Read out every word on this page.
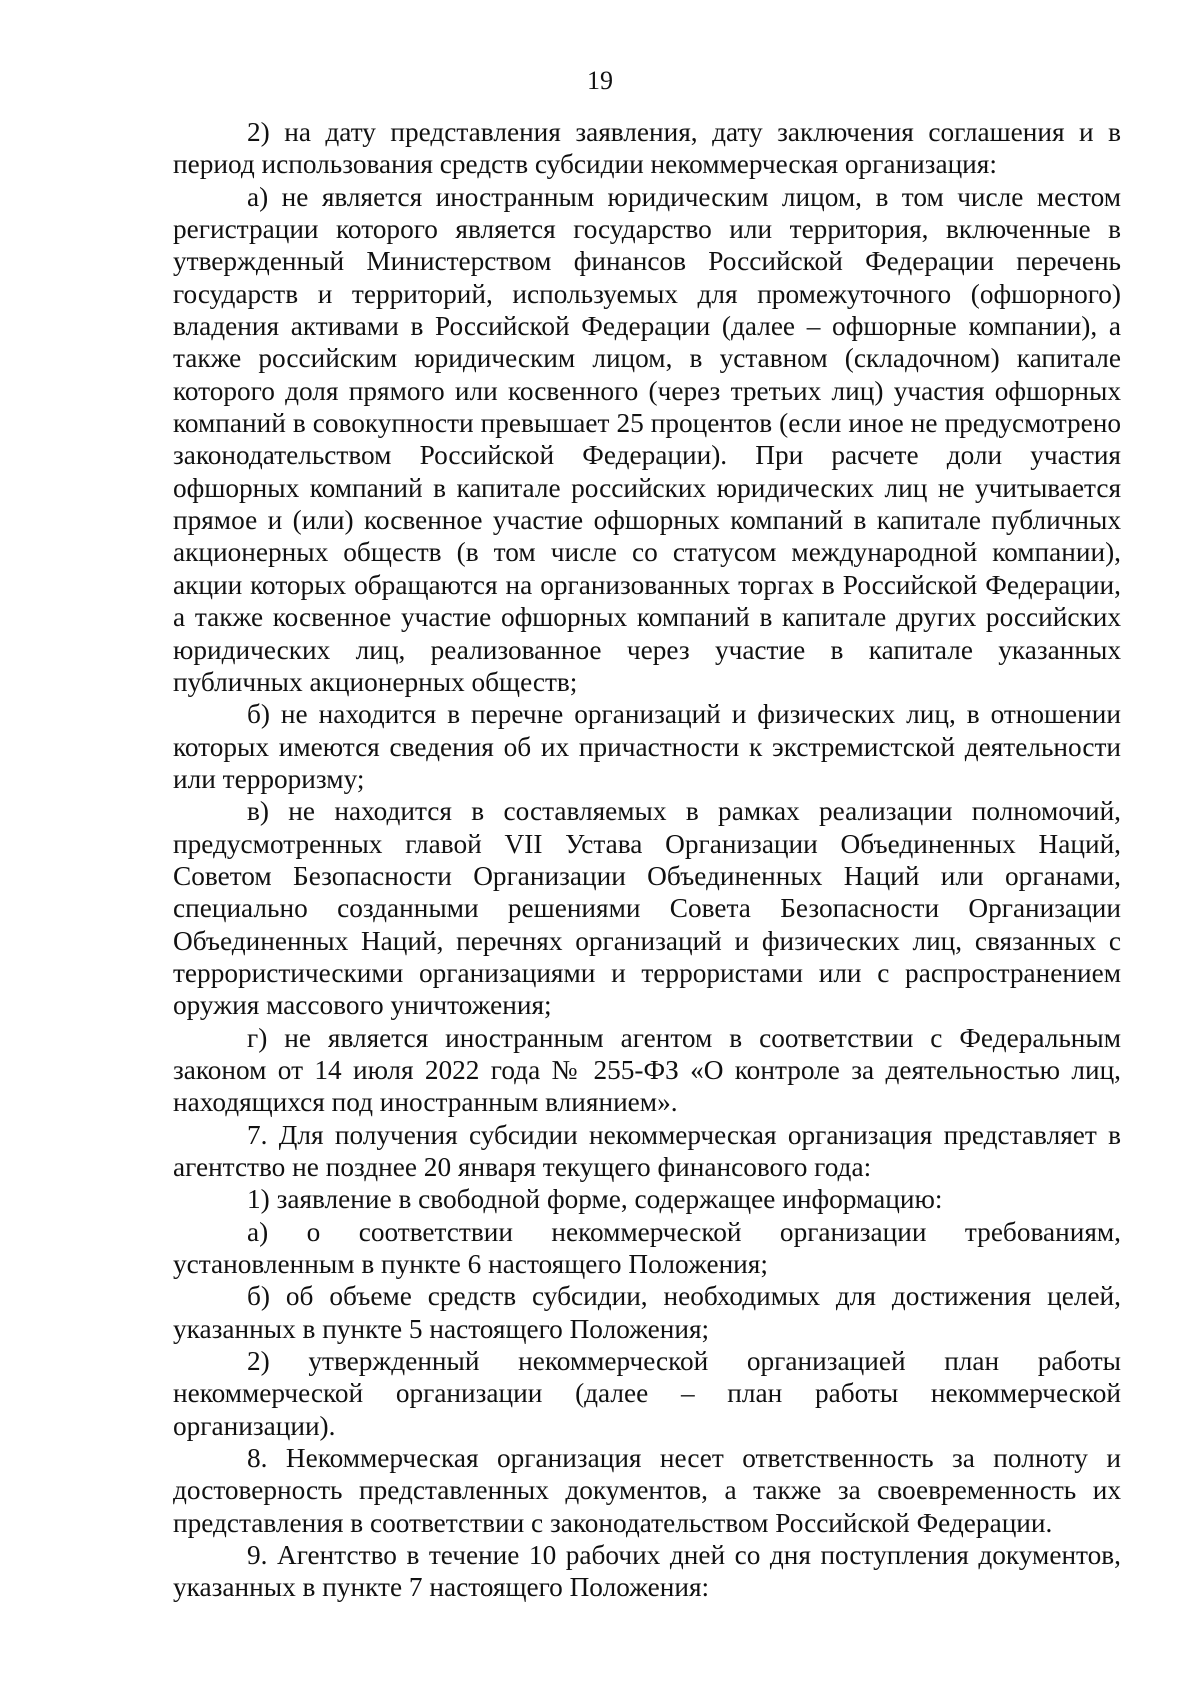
19

2) на дату представления заявления, дату заключения соглашения и в период использования средств субсидии некоммерческая организация:

а) не является иностранным юридическим лицом, в том числе местом регистрации которого является государство или территория, включенные в утвержденный Министерством финансов Российской Федерации перечень государств и территорий, используемых для промежуточного (офшорного) владения активами в Российской Федерации (далее – офшорные компании), а также российским юридическим лицом, в уставном (складочном) капитале которого доля прямого или косвенного (через третьих лиц) участия офшорных компаний в совокупности превышает 25 процентов (если иное не предусмотрено законодательством Российской Федерации). При расчете доли участия офшорных компаний в капитале российских юридических лиц не учитывается прямое и (или) косвенное участие офшорных компаний в капитале публичных акционерных обществ (в том числе со статусом международной компании), акции которых обращаются на организованных торгах в Российской Федерации, а также косвенное участие офшорных компаний в капитале других российских юридических лиц, реализованное через участие в капитале указанных публичных акционерных обществ;

б) не находится в перечне организаций и физических лиц, в отношении которых имеются сведения об их причастности к экстремистской деятельности или терроризму;

в) не находится в составляемых в рамках реализации полномочий, предусмотренных главой VII Устава Организации Объединенных Наций, Советом Безопасности Организации Объединенных Наций или органами, специально созданными решениями Совета Безопасности Организации Объединенных Наций, перечнях организаций и физических лиц, связанных с террористическими организациями и террористами или с распространением оружия массового уничтожения;

г) не является иностранным агентом в соответствии с Федеральным законом от 14 июля 2022 года № 255-ФЗ «О контроле за деятельностью лиц, находящихся под иностранным влиянием».

7. Для получения субсидии некоммерческая организация представляет в агентство не позднее 20 января текущего финансового года:

1) заявление в свободной форме, содержащее информацию:

а) о соответствии некоммерческой организации требованиям, установленным в пункте 6 настоящего Положения;

б) об объеме средств субсидии, необходимых для достижения целей, указанных в пункте 5 настоящего Положения;

2) утвержденный некоммерческой организацией план работы некоммерческой организации (далее – план работы некоммерческой организации).

8. Некоммерческая организация несет ответственность за полноту и достоверность представленных документов, а также за своевременность их представления в соответствии с законодательством Российской Федерации.

9. Агентство в течение 10 рабочих дней со дня поступления документов, указанных в пункте 7 настоящего Положения:
